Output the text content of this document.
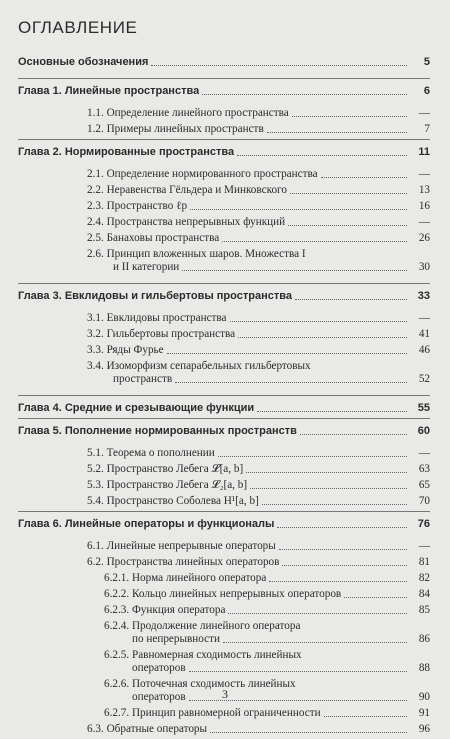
ОГЛАВЛЕНИЕ
Основные обозначения	5
Глава 1. Линейные пространства	6
1.1. Определение линейного пространства	—
1.2. Примеры линейных пространств	7
Глава 2. Нормированные пространства	11
2.1. Определение нормированного пространства	—
2.2. Неравенства Гёльдера и Минковского	13
2.3. Пространство ℓp	16
2.4. Пространства непрерывных функций	—
2.5. Банаховы пространства	26
2.6. Принцип вложенных шаров. Множества I
и II категории	30
Глава 3. Евклидовы и гильбертовы пространства	33
3.1. Евклидовы пространства	—
3.2. Гильбертовы пространства	41
3.3. Ряды Фурье	46
3.4. Изоморфизм сепарабельных гильбертовых
пространств	52
Глава 4. Средние и срезывающие функции	55
Глава 5. Пополнение нормированных пространств	60
5.1. Теорема о пополнении	—
5.2. Пространство Лебега 𝓛[a, b]	63
5.3. Пространство Лебега 𝓛₂[a, b]	65
5.4. Пространство Соболева H¹[a, b]	70
Глава 6. Линейные операторы и функционалы	76
6.1. Линейные непрерывные операторы	—
6.2. Пространства линейных операторов	81
6.2.1. Норма линейного оператора	82
6.2.2. Кольцо линейных непрерывных операторов	84
6.2.3. Функция оператора	85
6.2.4. Продолжение линейного оператора
по непрерывности	86
6.2.5. Равномерная сходимость линейных
операторов	88
6.2.6. Поточечная сходимость линейных
операторов	90
6.2.7. Принцип равномерной ограниченности	91
6.3. Обратные операторы	96
3
